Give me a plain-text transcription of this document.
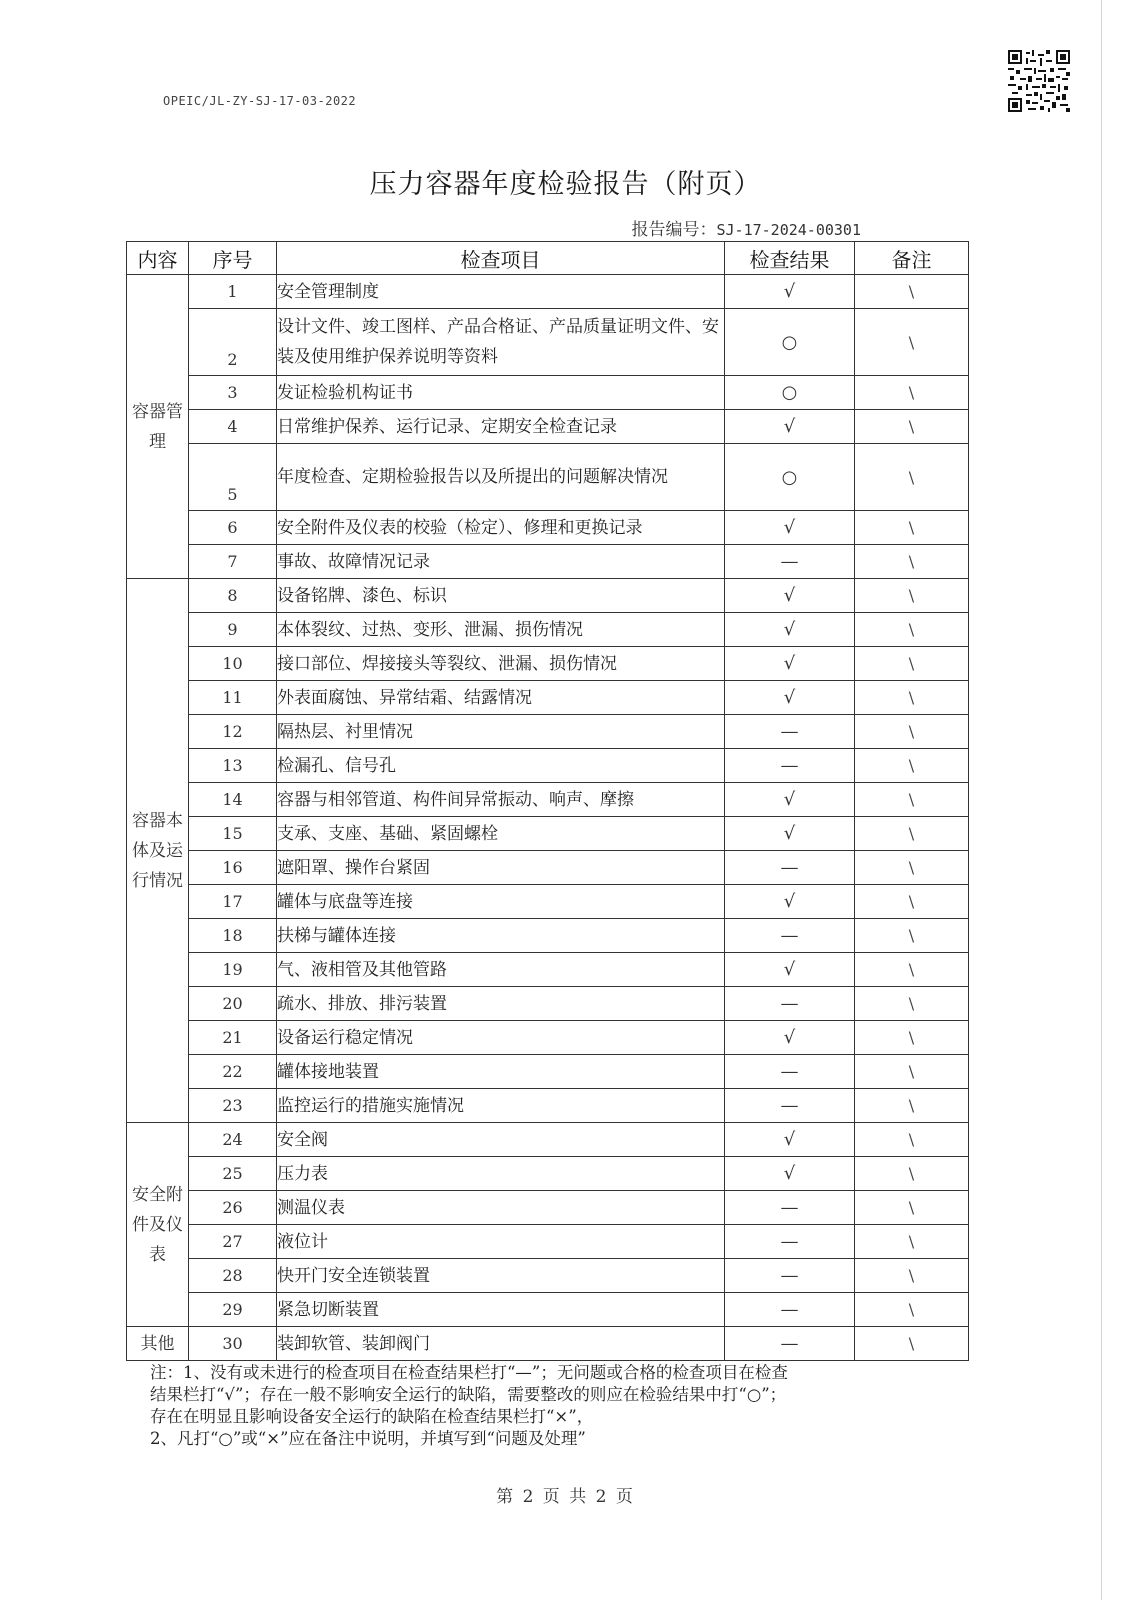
OPEIC/JL-ZY-SJ-17-03-2022
压力容器年度检验报告（附页）
报告编号：SJ-17-2024-00301
内容	序号	检查项目	检查结果	备注
容器管理	1	安全管理制度	√	\
	2	设计文件、竣工图样、产品合格证、产品质量证明文件、安装及使用维护保养说明等资料	○	\
	3	发证检验机构证书	○	\
	4	日常维护保养、运行记录、定期安全检查记录	√	\
	5	年度检查、定期检验报告以及所提出的问题解决情况	○	\
	6	安全附件及仪表的校验（检定）、修理和更换记录	√	\
	7	事故、故障情况记录	—	\
容器本体及运行情况	8	设备铭牌、漆色、标识	√	\
	9	本体裂纹、过热、变形、泄漏、损伤情况	√	\
	10	接口部位、焊接接头等裂纹、泄漏、损伤情况	√	\
	11	外表面腐蚀、异常结霜、结露情况	√	\
	12	隔热层、衬里情况	—	\
	13	检漏孔、信号孔	—	\
	14	容器与相邻管道、构件间异常振动、响声、摩擦	√	\
	15	支承、支座、基础、紧固螺栓	√	\
	16	遮阳罩、操作台紧固	—	\
	17	罐体与底盘等连接	√	\
	18	扶梯与罐体连接	—	\
	19	气、液相管及其他管路	√	\
	20	疏水、排放、排污装置	—	\
	21	设备运行稳定情况	√	\
	22	罐体接地装置	—	\
	23	监控运行的措施实施情况	—	\
安全附件及仪表	24	安全阀	√	\
	25	压力表	√	\
	26	测温仪表	—	\
	27	液位计	—	\
	28	快开门安全连锁装置	—	\
	29	紧急切断装置	—	\
其他	30	装卸软管、装卸阀门	—	\

注：1、没有或未进行的检查项目在检查结果栏打“—”；无问题或合格的检查项目在检查

结果栏打“√”；存在一般不影响安全运行的缺陷，需要整改的则应在检验结果中打“○”；

存在在明显且影响设备安全运行的缺陷在检查结果栏打“×”，

2、凡打“○”或“×”应在备注中说明，并填写到“问题及处理”

第 2 页 共 2 页
